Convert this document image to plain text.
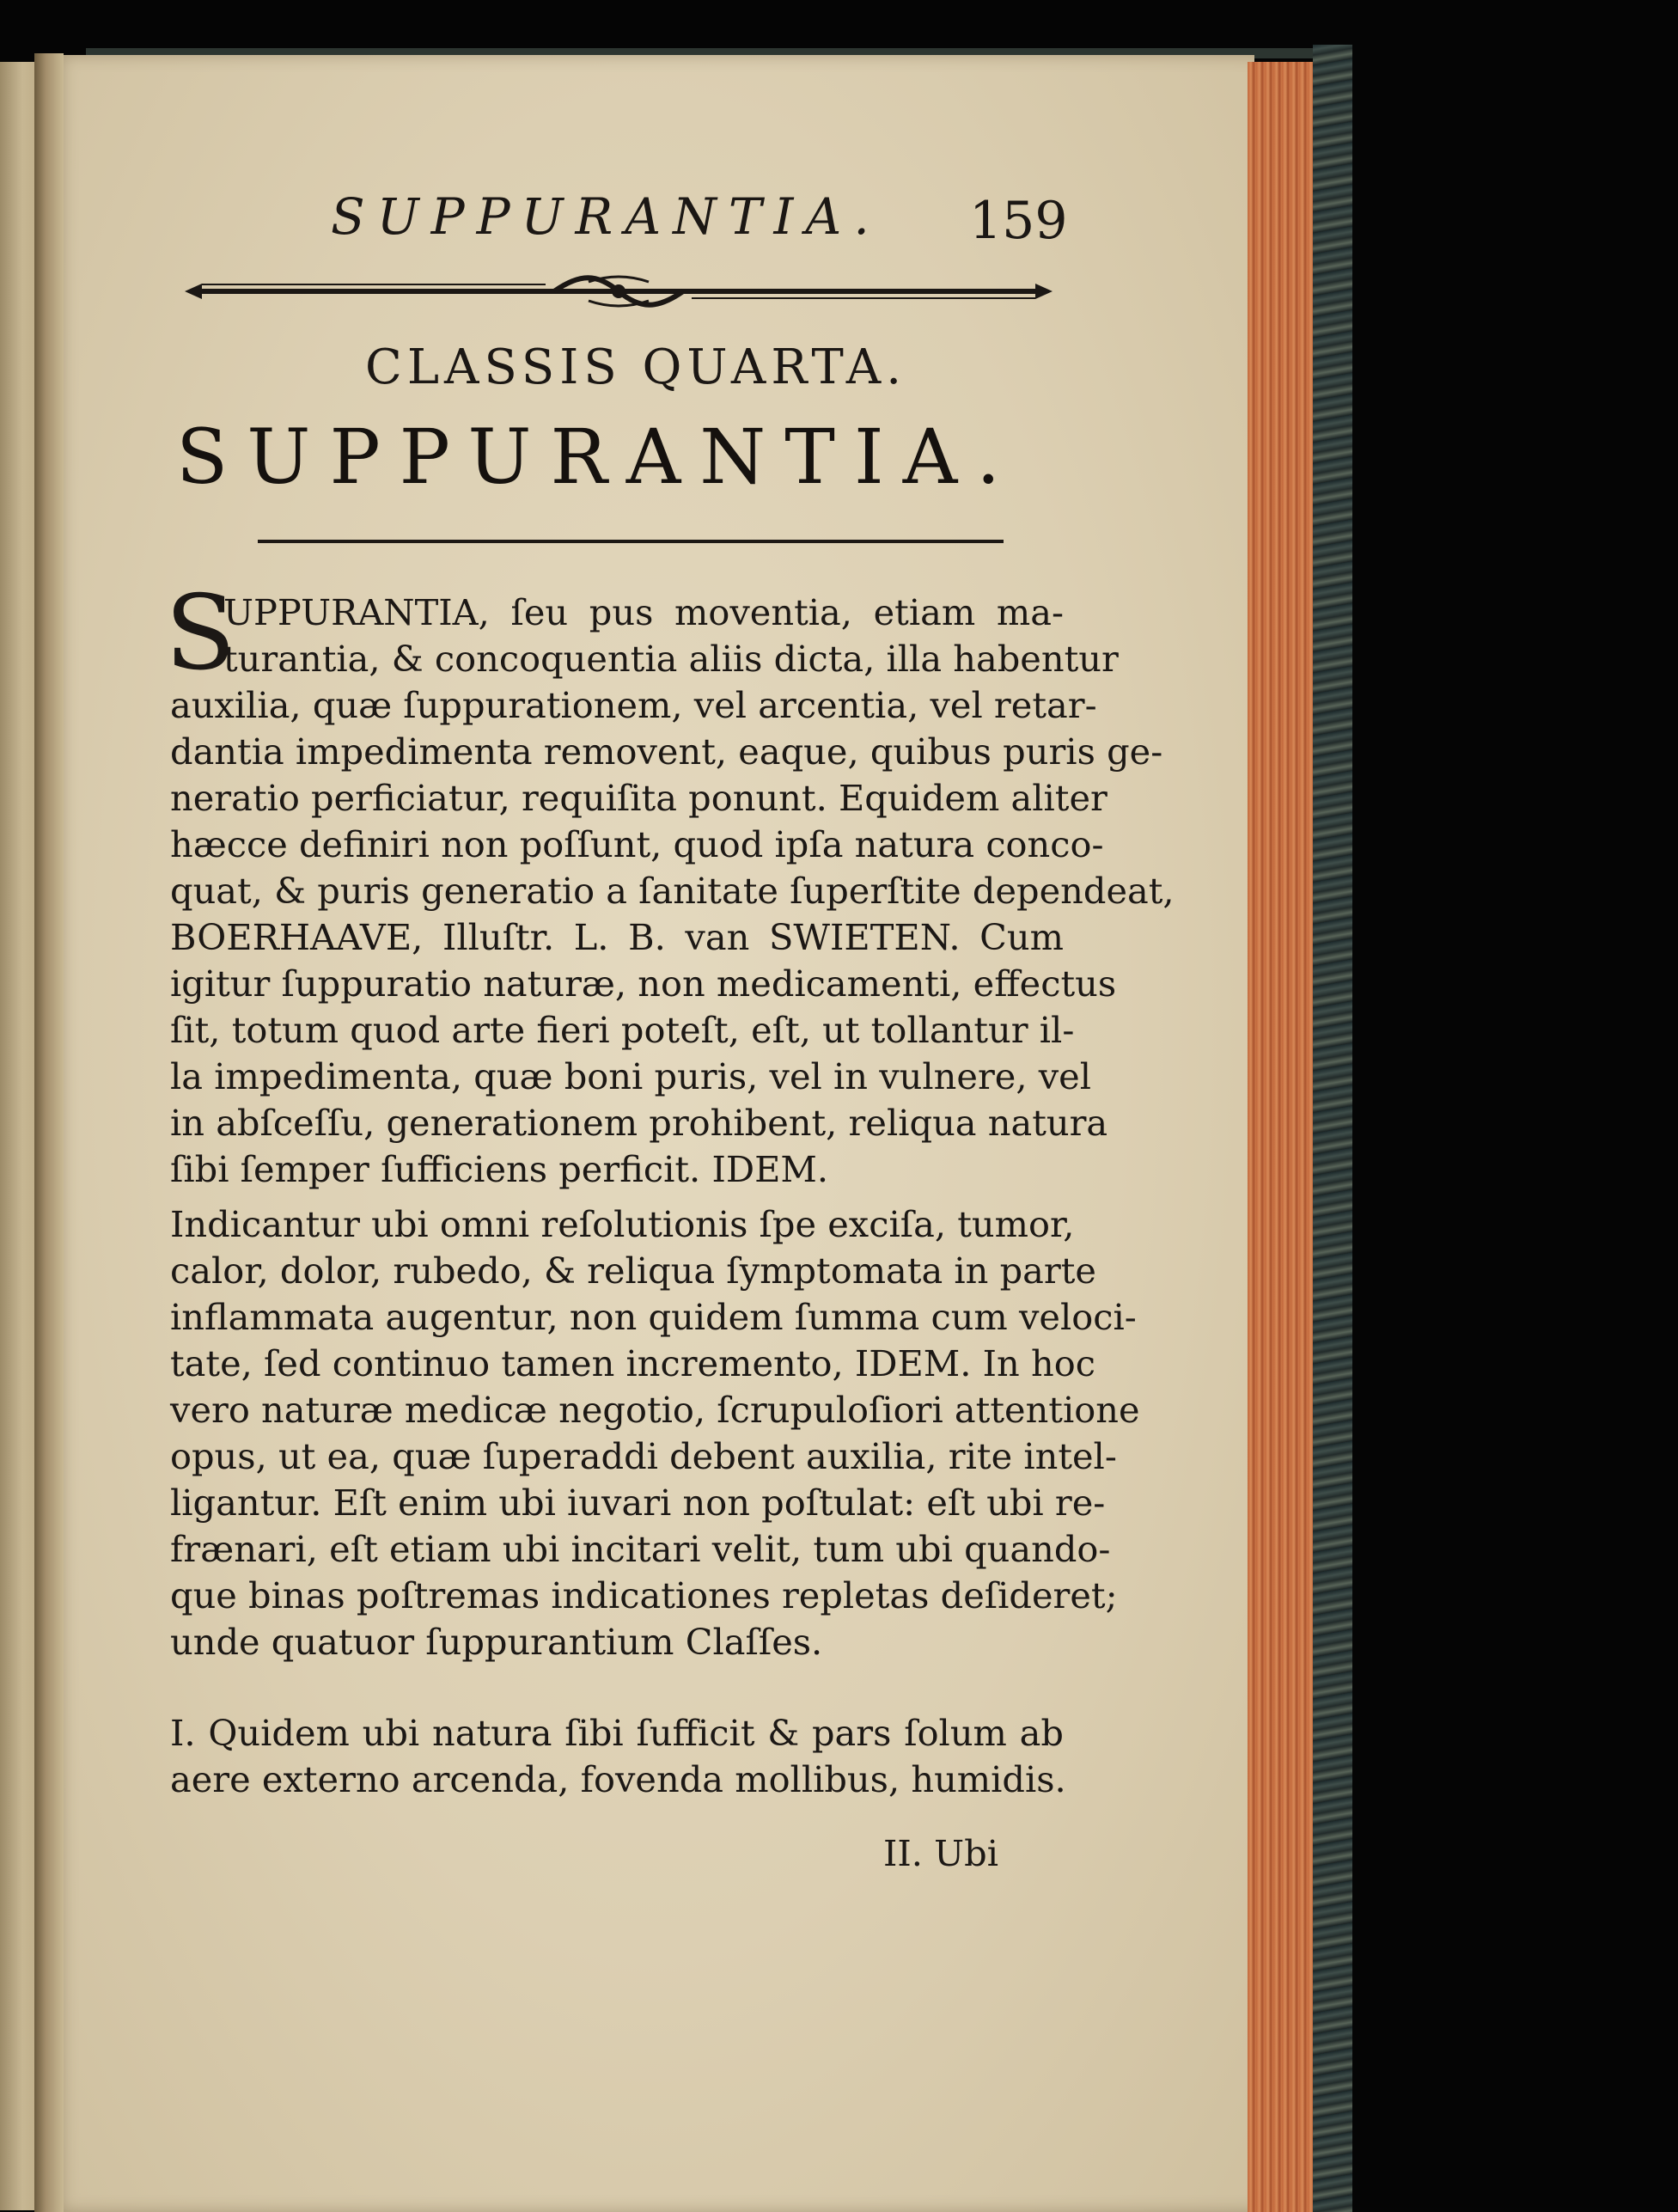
SUPPURANTIA. 159
CLASSIS QUARTA.
SUPPURANTIA.
S
UPPURANTIA, ſeu pus moventia, etiam ma-
turantia, & concoquentia aliis dicta, illa habentur
auxilia, quæ ſuppurationem, vel arcentia, vel retar-
dantia impedimenta removent, eaque, quibus puris ge-
neratio perficiatur, requiſita ponunt. Equidem aliter
hæcce definiri non poſſunt, quod ipſa natura conco-
quat, & puris generatio a ſanitate ſuperſtite dependeat,
BOERHAAVE, Illuſtr. L. B. van SWIETEN. Cum
igitur ſuppuratio naturæ, non medicamenti, effectus
ſit, totum quod arte fieri poteſt, eſt, ut tollantur il-
la impedimenta, quæ boni puris, vel in vulnere, vel
in abſceſſu, generationem prohibent, reliqua natura
ſibi ſemper ſufficiens perficit. IDEM.
Indicantur ubi omni reſolutionis ſpe exciſa, tumor,
calor, dolor, rubedo, & reliqua ſymptomata in parte
inflammata augentur, non quidem ſumma cum veloci-
tate, ſed continuo tamen incremento, IDEM. In hoc
vero naturæ medicæ negotio, ſcrupuloſiori attentione
opus, ut ea, quæ ſuperaddi debent auxilia, rite intel-
ligantur. Eſt enim ubi iuvari non poſtulat: eſt ubi re-
frænari, eſt etiam ubi incitari velit, tum ubi quando-
que binas poſtremas indicationes repletas deſideret;
unde quatuor ſuppurantium Claſſes.
I. Quidem ubi natura ſibi ſufficit & pars ſolum ab
aere externo arcenda, fovenda mollibus, humidis.
II. Ubi
